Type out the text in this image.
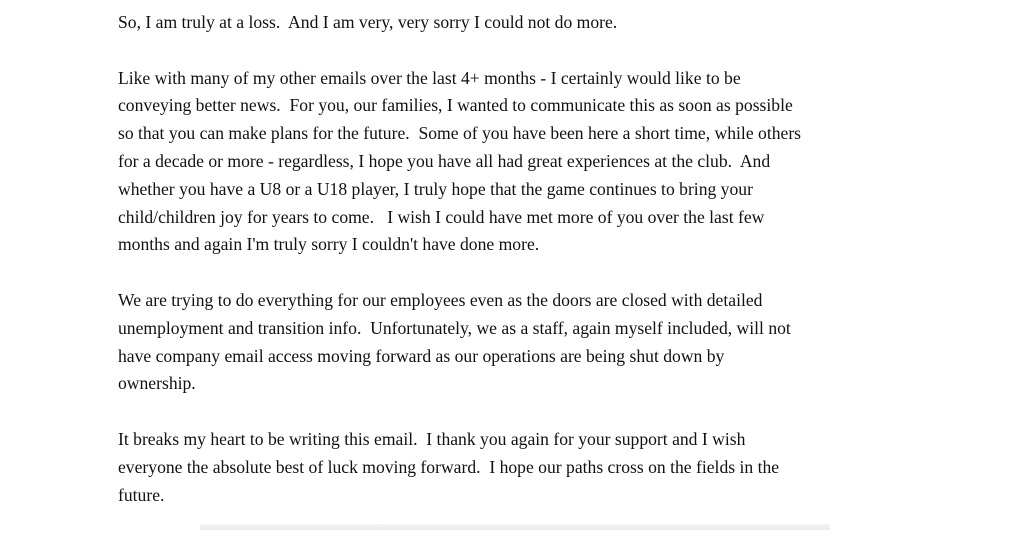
So, I am truly at a loss.  And I am very, very sorry I could not do more.

Like with many of my other emails over the last 4+ months - I certainly would like to be
conveying better news.  For you, our families, I wanted to communicate this as soon as possible
so that you can make plans for the future.  Some of you have been here a short time, while others
for a decade or more - regardless, I hope you have all had great experiences at the club.  And
whether you have a U8 or a U18 player, I truly hope that the game continues to bring your
child/children joy for years to come.   I wish I could have met more of you over the last few
months and again I'm truly sorry I couldn't have done more.

We are trying to do everything for our employees even as the doors are closed with detailed
unemployment and transition info.  Unfortunately, we as a staff, again myself included, will not
have company email access moving forward as our operations are being shut down by
ownership.

It breaks my heart to be writing this email.  I thank you again for your support and I wish
everyone the absolute best of luck moving forward.  I hope our paths cross on the fields in the
future.
